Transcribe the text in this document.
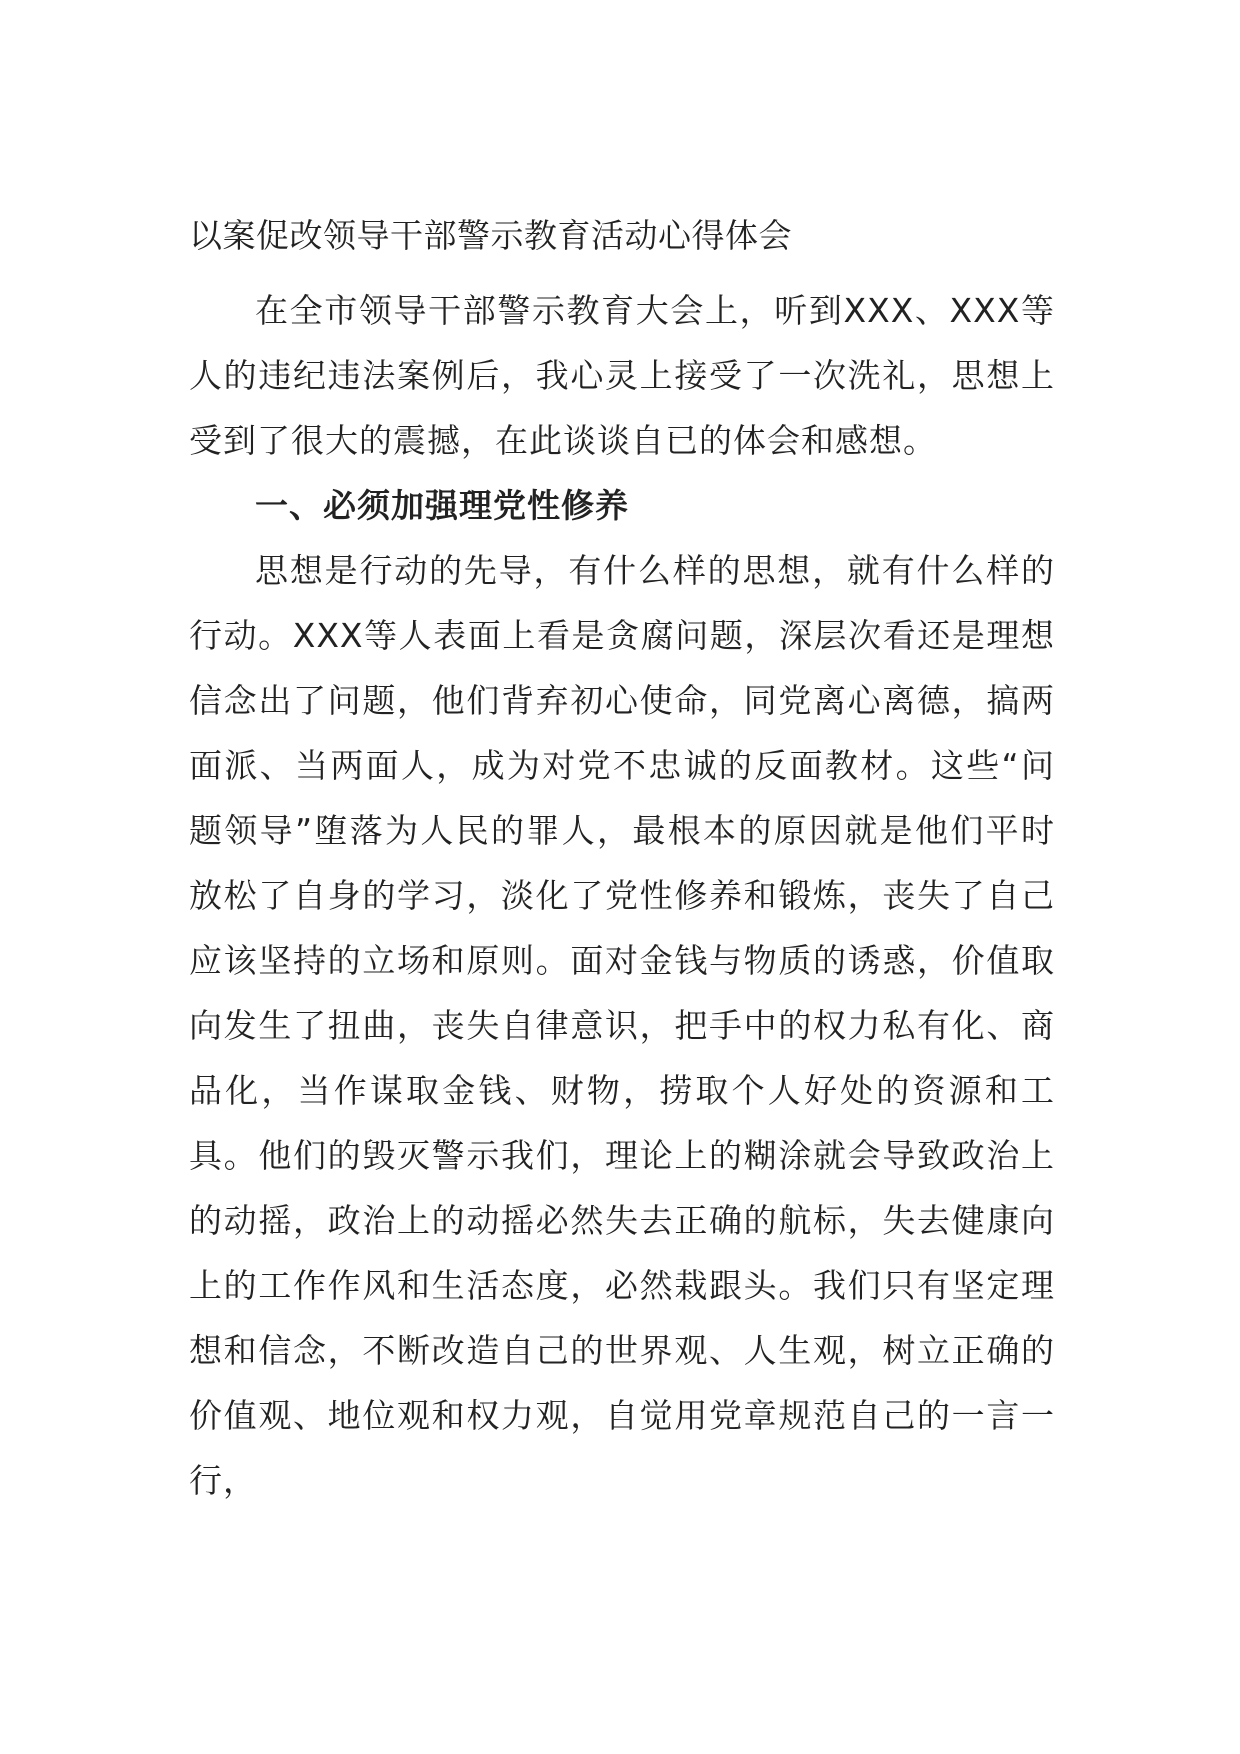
以案促改领导干部警示教育活动心得体会

在全市领导干部警示教育大会上，听到XXX、XXX等人的违纪违法案例后，我心灵上接受了一次洗礼，思想上受到了很大的震撼，在此谈谈自已的体会和感想。

一、必须加强理党性修养

思想是行动的先导，有什么样的思想，就有什么样的行动。XXX等人表面上看是贪腐问题，深层次看还是理想信念出了问题，他们背弃初心使命，同党离心离德，搞两面派、当两面人，成为对党不忠诚的反面教材。这些“问题领导”堕落为人民的罪人，最根本的原因就是他们平时放松了自身的学习，淡化了党性修养和锻炼，丧失了自己应该坚持的立场和原则。面对金钱与物质的诱惑，价值取向发生了扭曲，丧失自律意识，把手中的权力私有化、商品化，当作谋取金钱、财物，捞取个人好处的资源和工具。他们的毁灭警示我们，理论上的糊涂就会导致政治上的动摇，政治上的动摇必然失去正确的航标，失去健康向上的工作作风和生活态度，必然栽跟头。我们只有坚定理想和信念，不断改造自己的世界观、人生观，树立正确的价值观、地位观和权力观，自觉用党章规范自己的一言一行，
